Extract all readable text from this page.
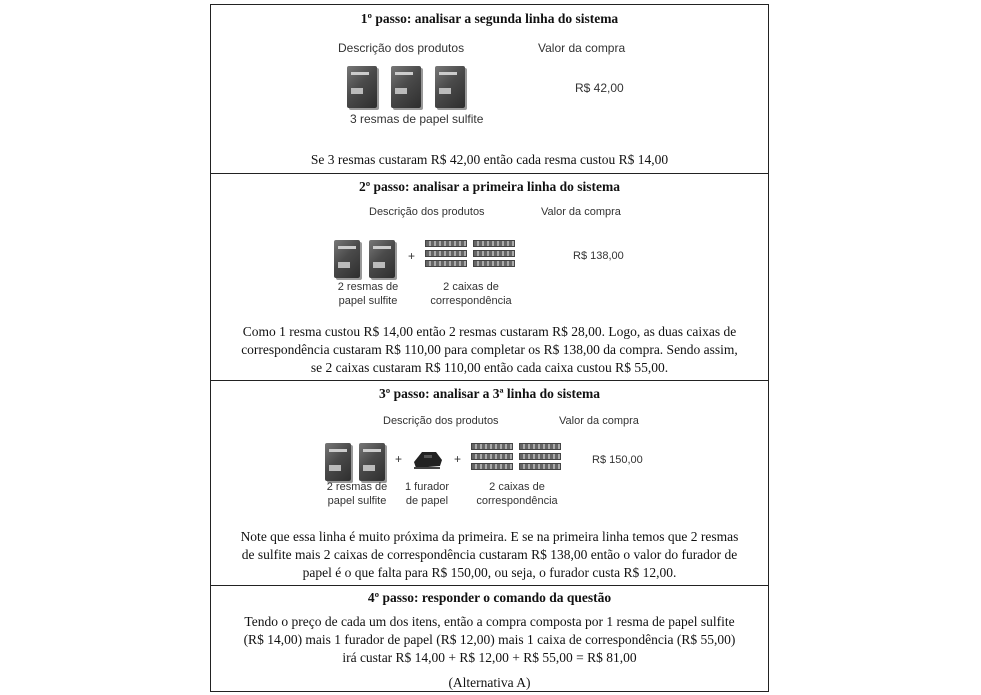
1º passo: analisar a segunda linha do sistema
Descrição dos produtos	Valor da compra
R$ 42,00
3 resmas de papel sulfite
Se 3 resmas custaram R$ 42,00 então cada resma custou R$ 14,00
2º passo: analisar a primeira linha do sistema
Descrição dos produtos	Valor da compra
+	R$ 138,00
2 resmas de
papel sulfite
2 caixas de
correspondência
Como 1 resma custou R$ 14,00 então 2 resmas custaram R$ 28,00. Logo, as duas caixas de
correspondência custaram R$ 110,00 para completar os R$ 138,00 da compra. Sendo assim,
se 2 caixas custaram R$ 110,00 então cada caixa custou R$ 55,00.
3º passo: analisar a 3ª linha do sistema
Descrição dos produtos	Valor da compra
+	+	R$ 150,00
2 resmas de
papel sulfite
1 furador
de papel
2 caixas de
correspondência
Note que essa linha é muito próxima da primeira. E se na primeira linha temos que 2 resmas
de sulfite mais 2 caixas de correspondência custaram R$ 138,00 então o valor do furador de
papel é o que falta para R$ 150,00, ou seja, o furador custa R$ 12,00.
4º passo: responder o comando da questão
Tendo o preço de cada um dos itens, então a compra composta por 1 resma de papel sulfite
(R$ 14,00) mais 1 furador de papel (R$ 12,00) mais 1 caixa de correspondência (R$ 55,00)
irá custar R$ 14,00 + R$ 12,00 + R$ 55,00 = R$ 81,00
(Alternativa A)
